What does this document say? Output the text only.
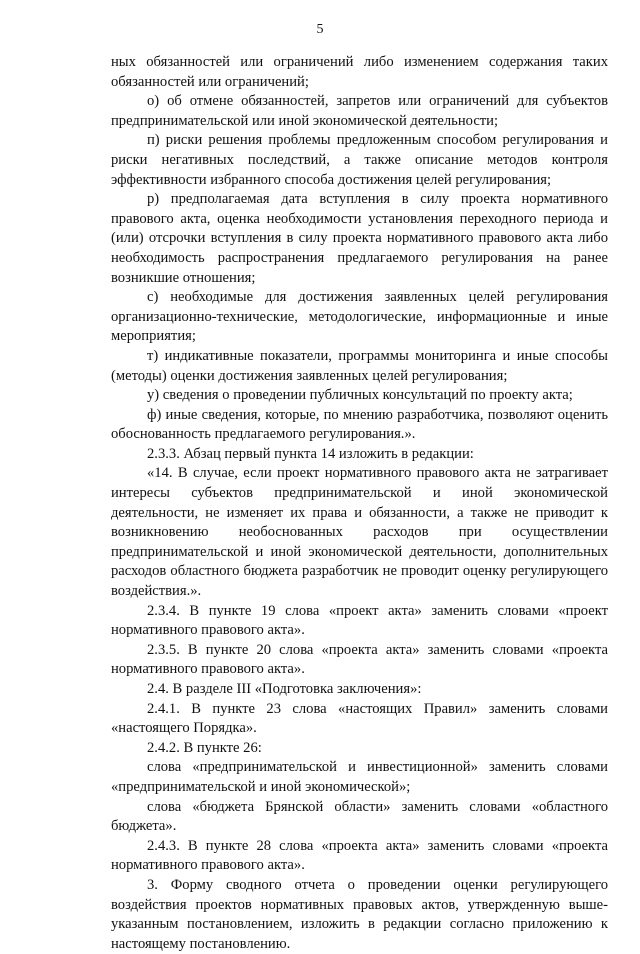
5

ных обязанностей или ограничений либо изменением содержания таких обязанностей или ограничений;

о) об отмене обязанностей, запретов или ограничений для субъектов предпринимательской или иной экономической деятельности;

п) риски решения проблемы предложенным способом регулирования и риски негативных последствий, а также описание методов контроля эффективности избранного способа достижения целей регулирования;

р) предполагаемая дата вступления в силу проекта нормативного правового акта, оценка необходимости установления переходного периода и (или) отсрочки вступления в силу проекта нормативного правового акта либо необходимость распространения предлагаемого регулирования на ранее возникшие отношения;

с) необходимые для достижения заявленных целей регулирования организационно-технические, методологические, информационные и иные мероприятия;

т) индикативные показатели, программы мониторинга и иные способы (методы) оценки достижения заявленных целей регулирования;

у) сведения о проведении публичных консультаций по проекту акта;

ф) иные сведения, которые, по мнению разработчика, позволяют оценить обоснованность предлагаемого регулирования.».

2.3.3. Абзац первый пункта 14 изложить в редакции:

«14. В случае, если проект нормативного правового акта не затрагивает интересы субъектов предпринимательской и иной экономической деятельности, не изменяет их права и обязанности, а также не приводит к возникновению необоснованных расходов при осуществлении предпринимательской и иной экономической деятельности, дополнительных расходов областного бюджета разработчик не проводит оценку регулирующего воздействия.».

2.3.4. В пункте 19 слова «проект акта» заменить словами «проект нормативного правового акта».

2.3.5. В пункте 20 слова «проекта акта» заменить словами «проекта нормативного правового акта».

2.4. В разделе III «Подготовка заключения»:

2.4.1. В пункте 23 слова «настоящих Правил» заменить словами «настоящего Порядка».

2.4.2. В пункте 26:

слова «предпринимательской и инвестиционной» заменить словами «предпринимательской и иной экономической»;

слова «бюджета Брянской области» заменить словами «областного бюджета».

2.4.3. В пункте 28 слова «проекта акта» заменить словами «проекта нормативного правового акта».

3. Форму сводного отчета о проведении оценки регулирующего воздействия проектов нормативных правовых актов, утвержденную выше-указанным постановлением, изложить в редакции согласно приложению к настоящему постановлению.
